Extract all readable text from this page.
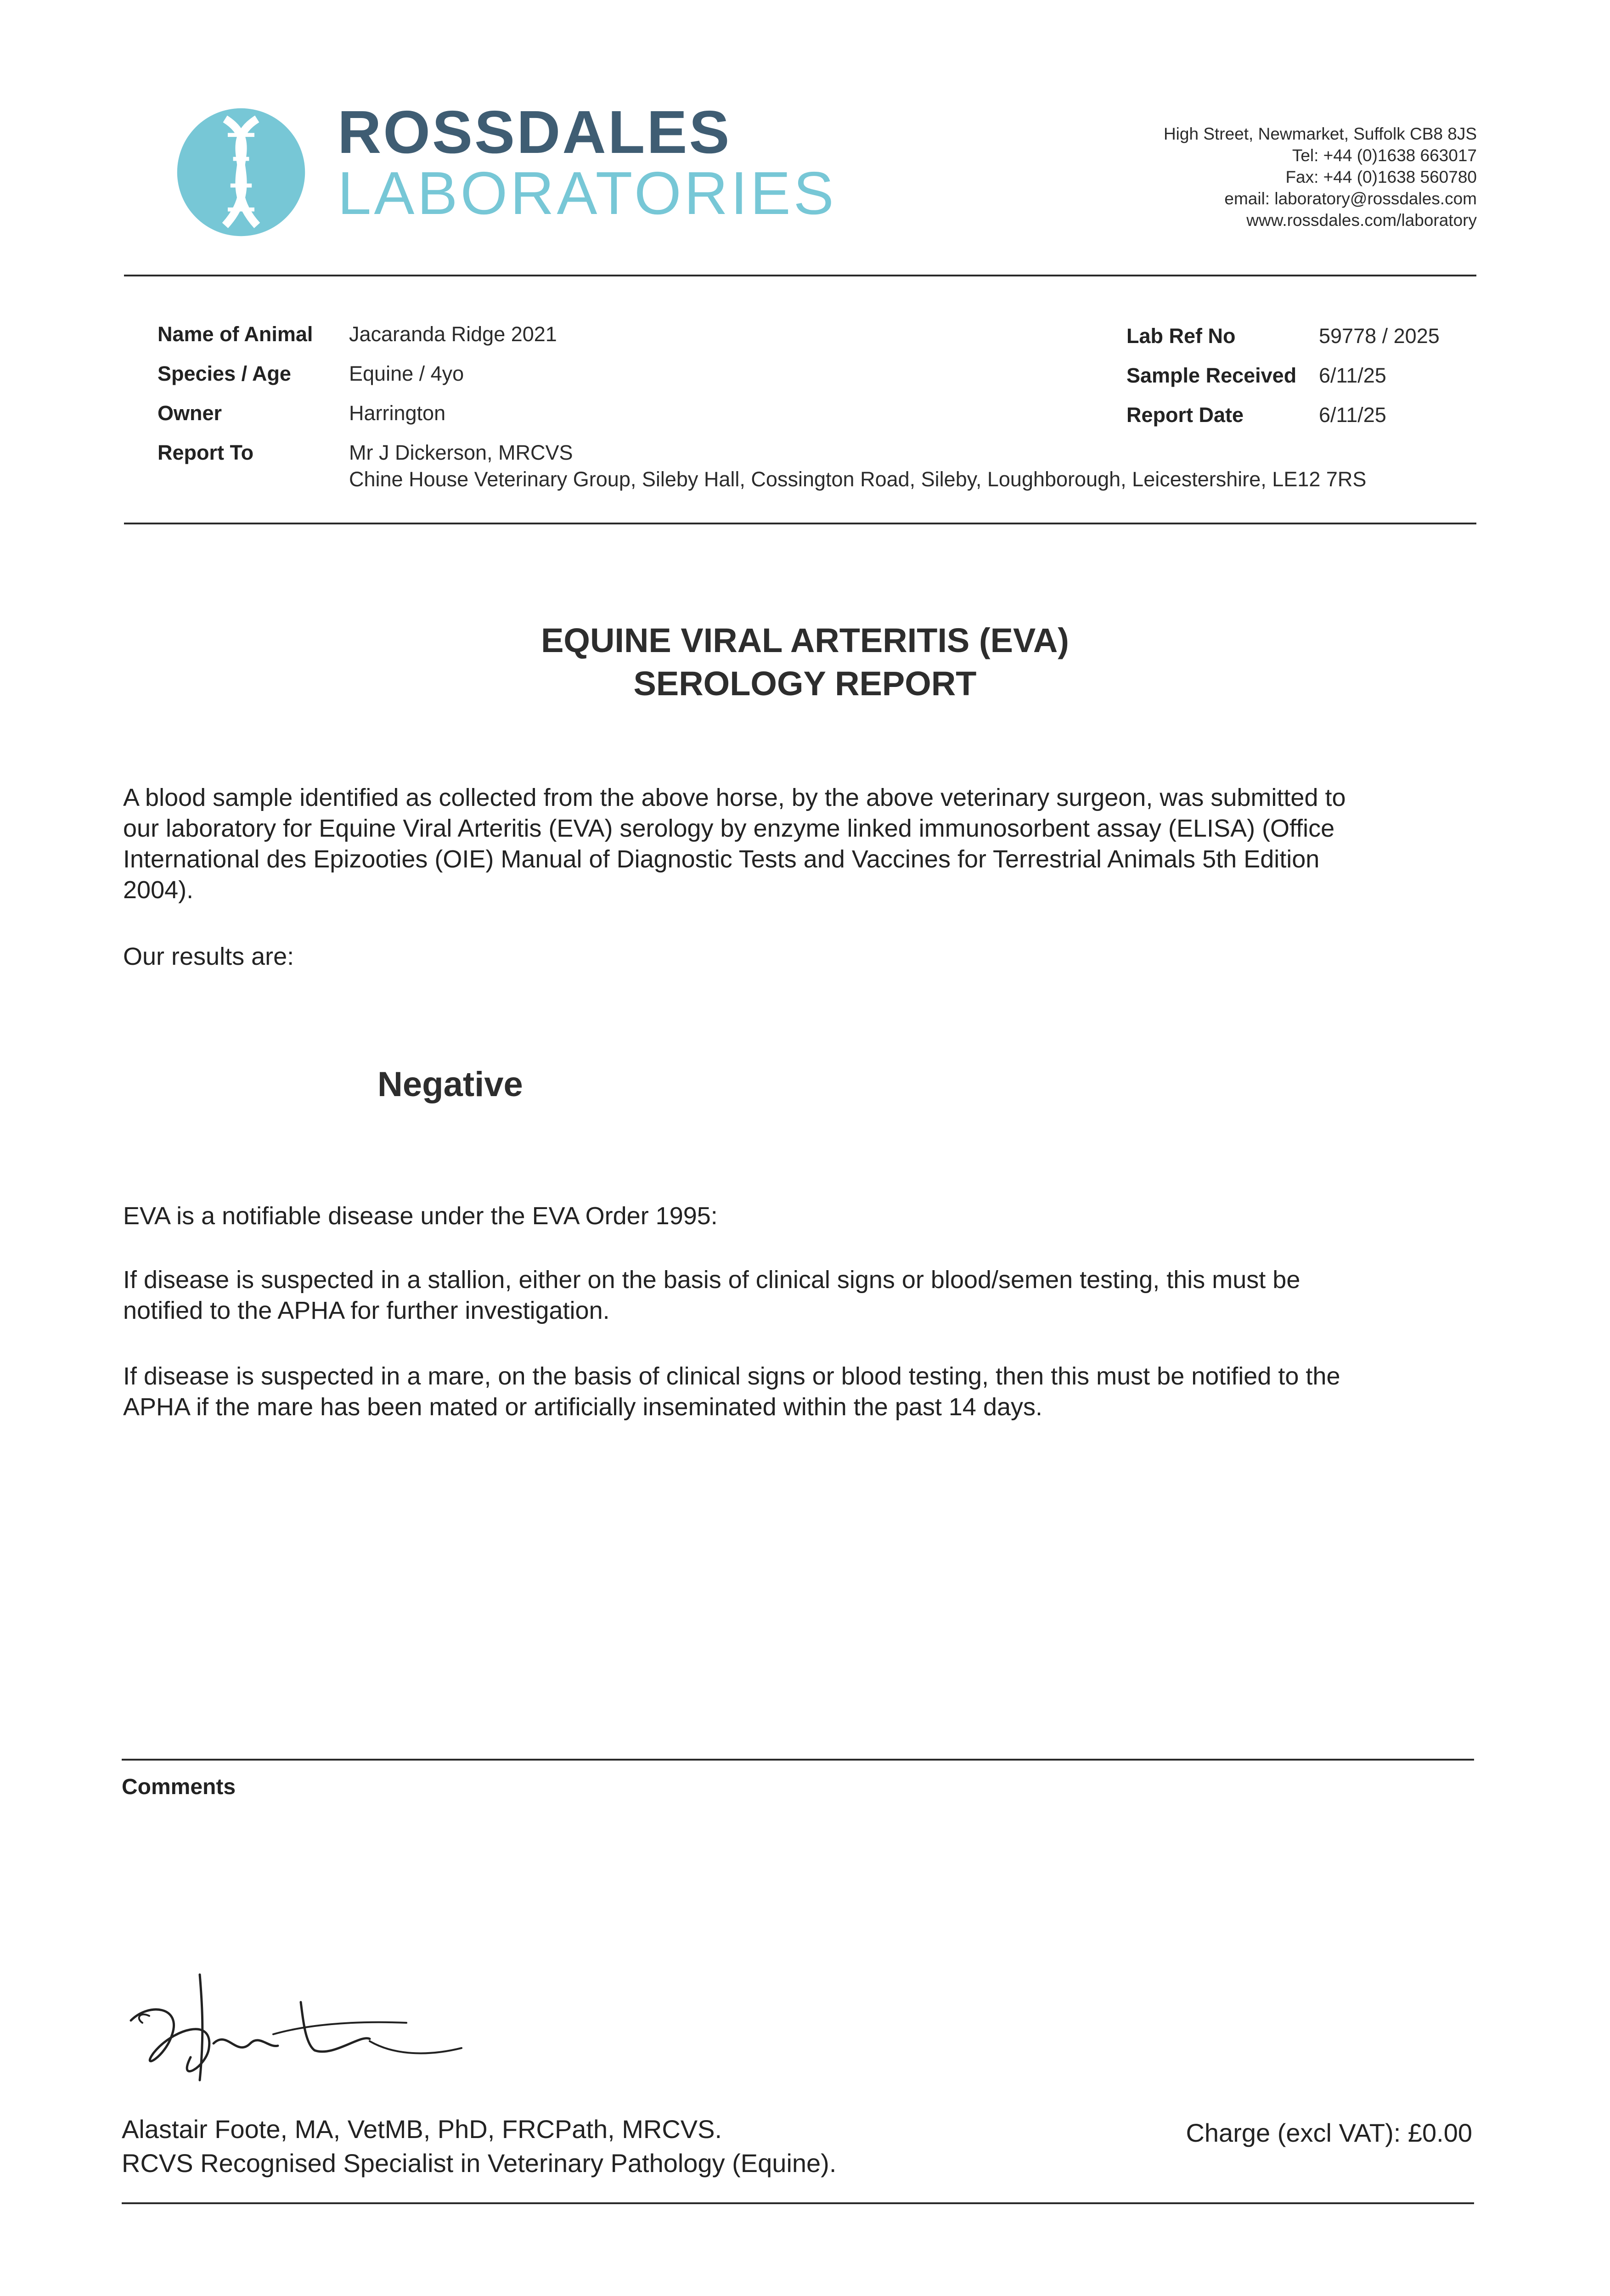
ROSSDALES
LABORATORIES
High Street, Newmarket, Suffolk CB8 8JS
Tel: +44 (0)1638 663017
Fax: +44 (0)1638 560780
email: laboratory@rossdales.com
www.rossdales.com/laboratory
Name of Animal Jacaranda Ridge 2021
Species / Age	Equine / 4yo
Owner	Harrington
Report To	Mr J Dickerson, MRCVS
Chine House Veterinary Group, Sileby Hall, Cossington Road, Sileby, Loughborough, Leicestershire, LE12 7RS
Lab Ref No	59778 / 2025
Sample Received 6/11/25
Report Date	6/11/25
EQUINE VIRAL ARTERITIS (EVA)
SEROLOGY REPORT
A blood sample identified as collected from the above horse, by the above veterinary surgeon, was submitted to
our laboratory for Equine Viral Arteritis (EVA) serology by enzyme linked immunosorbent assay (ELISA) (Office
International des Epizooties (OIE) Manual of Diagnostic Tests and Vaccines for Terrestrial Animals 5th Edition
2004).
Our results are:
Negative
EVA is a notifiable disease under the EVA Order 1995:
If disease is suspected in a stallion, either on the basis of clinical signs or blood/semen testing, this must be
notified to the APHA for further investigation.
If disease is suspected in a mare, on the basis of clinical signs or blood testing, then this must be notified to the
APHA if the mare has been mated or artificially inseminated within the past 14 days.
Comments
Alastair Foote, MA, VetMB, PhD, FRCPath, MRCVS.
RCVS Recognised Specialist in Veterinary Pathology (Equine).
Charge (excl VAT): £0.00
